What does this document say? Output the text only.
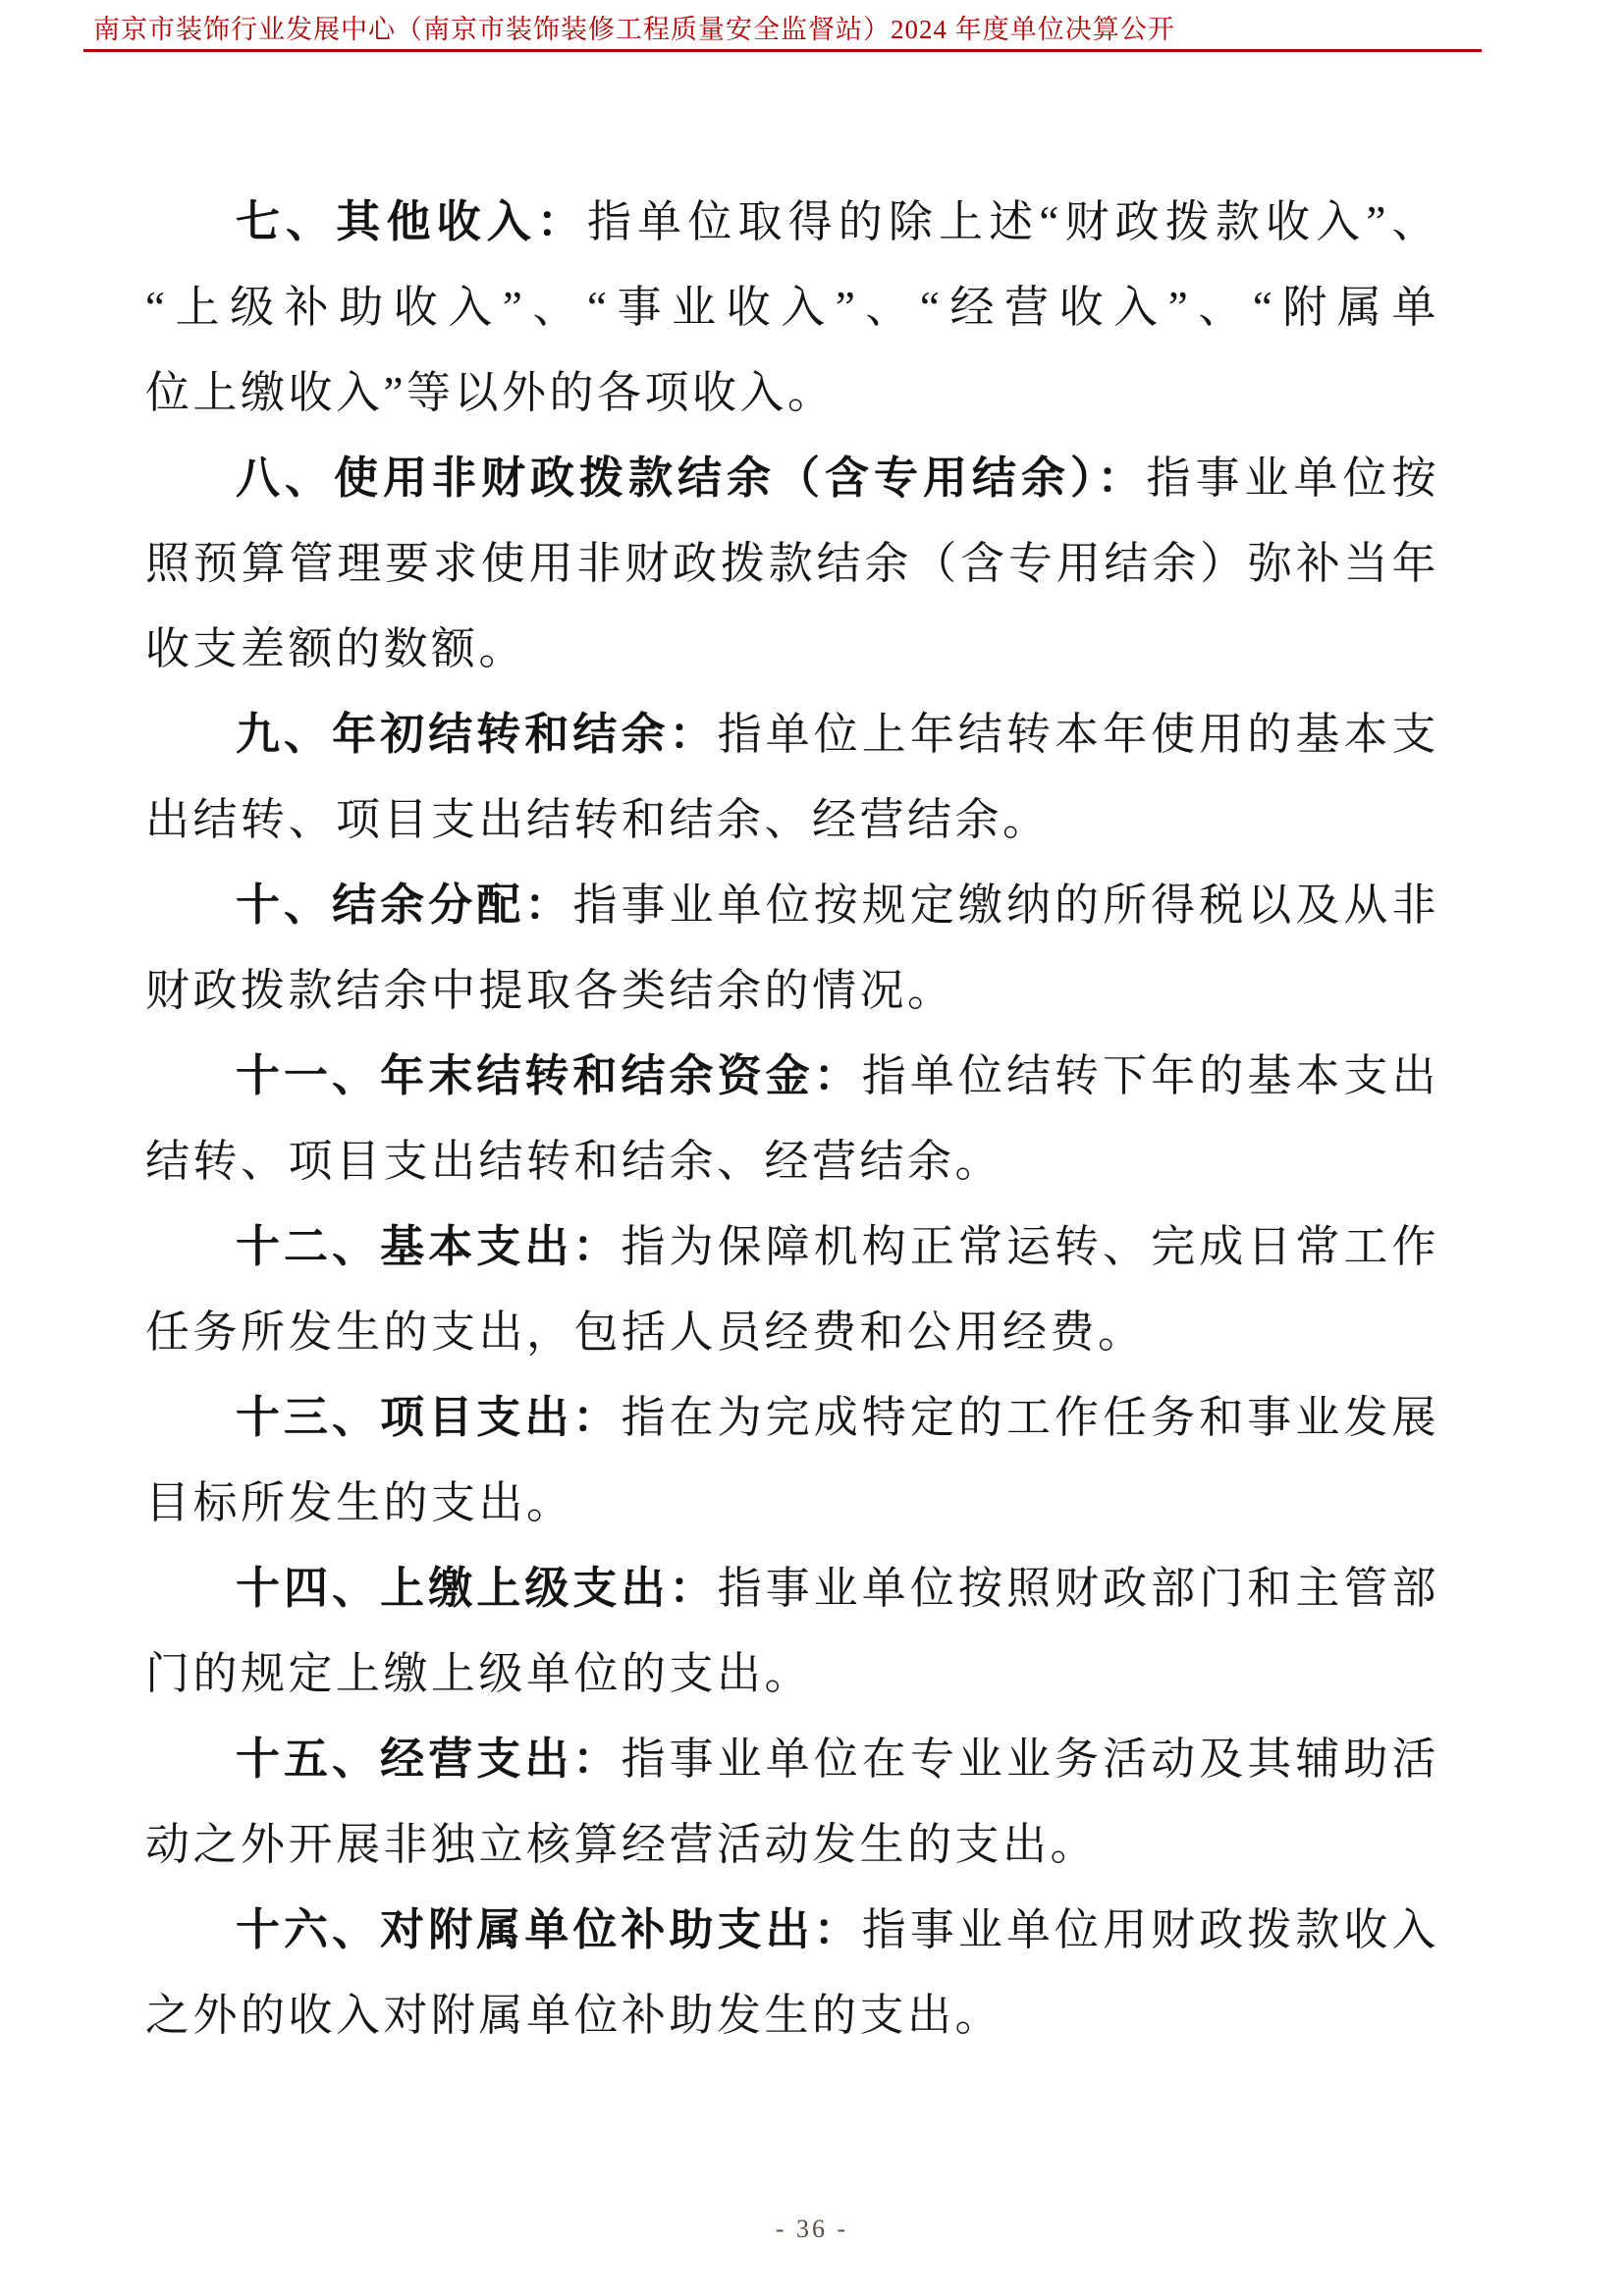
南京市装饰行业发展中心（南京市装饰装修工程质量安全监督站）2024 年度单位决算公开
七、其他收入：指单位取得的除上述“财政拨款收入”、
“上级补助收入”、“事业收入”、“经营收入”、“附属单
位上缴收入”等以外的各项收入。
八、使用非财政拨款结余（含专用结余）：指事业单位按
照预算管理要求使用非财政拨款结余（含专用结余）弥补当年
收支差额的数额。
九、年初结转和结余：指单位上年结转本年使用的基本支
出结转、项目支出结转和结余、经营结余。
十、结余分配：指事业单位按规定缴纳的所得税以及从非
财政拨款结余中提取各类结余的情况。
十一、年末结转和结余资金：指单位结转下年的基本支出
结转、项目支出结转和结余、经营结余。
十二、基本支出：指为保障机构正常运转、完成日常工作
任务所发生的支出，包括人员经费和公用经费。
十三、项目支出：指在为完成特定的工作任务和事业发展
目标所发生的支出。
十四、上缴上级支出：指事业单位按照财政部门和主管部
门的规定上缴上级单位的支出。
十五、经营支出：指事业单位在专业业务活动及其辅助活
动之外开展非独立核算经营活动发生的支出。
十六、对附属单位补助支出：指事业单位用财政拨款收入
之外的收入对附属单位补助发生的支出。
- 36 -
